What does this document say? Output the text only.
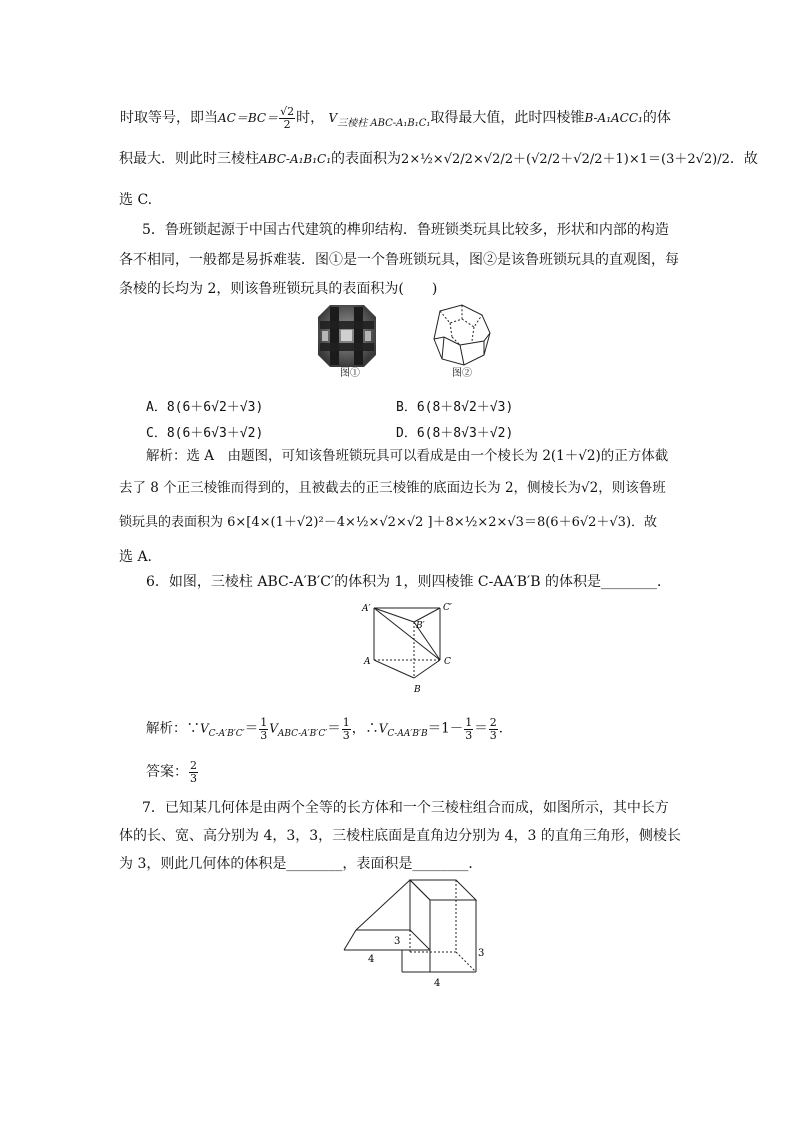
时取等号，即当$AC=BC= \frac{√2}{2}$ 时， $V_{三棱柱 ABC-A_1B_1C_1}$取得最大值，此时四棱锥B-A₁ACC₁的体
积最大．则此时三棱柱ABC-A₁B₁C₁的表面积为2×½×√2/2×√2/2＋(√2/2＋√2/2＋1)×1＝(3＋2√2)/2．故
选 C.
5．鲁班锁起源于中国古代建筑的榫卯结构．鲁班锁类玩具比较多，形状和内部的构造
各不相同，一般都是易拆难装．图①是一个鲁班锁玩具，图②是该鲁班锁玩具的直观图，每
条棱的长均为 2，则该鲁班锁玩具的表面积为(　　)
图①	图②
A．8(6＋6√2＋√3)	B．6(8＋8√2＋√3)
C．8(6＋6√3＋√2)	D．6(8＋8√3＋√2)
解析：选 A　由题图，可知该鲁班锁玩具可以看成是由一个棱长为 2(1＋√2)的正方体截
去了 8 个正三棱锥而得到的，且被截去的正三棱锥的底面边长为 2，侧棱长为√2，则该鲁班
锁玩具的表面积为 6×[4×(1＋√2)²－4×½×√2×√2 ]＋8×½×2×√3＝8(6＋6√2＋√3)．故
选 A.
6．如图，三棱柱 ABC-A′B′C′的体积为 1，则四棱锥 C-AA′B′B 的体积是________．
A′	C′
B′
A	C
B
解析：$\because V_{C-A'B'C'}= \frac{1}{3} V_{ABC-A'B'C'}= \frac{1}{3}$ ，$\therefore V_{C-AA'B'B}=1- \frac{1}{3} = \frac{2}{3}$ ．
答案： $\frac{2}{3}$
7．已知某几何体是由两个全等的长方体和一个三棱柱组合而成，如图所示，其中长方
体的长、宽、高分别为 4，3，3，三棱柱底面是直角边分别为 4，3 的直角三角形，侧棱长
为 3，则此几何体的体积是________，表面积是________．
3
4
3
4
